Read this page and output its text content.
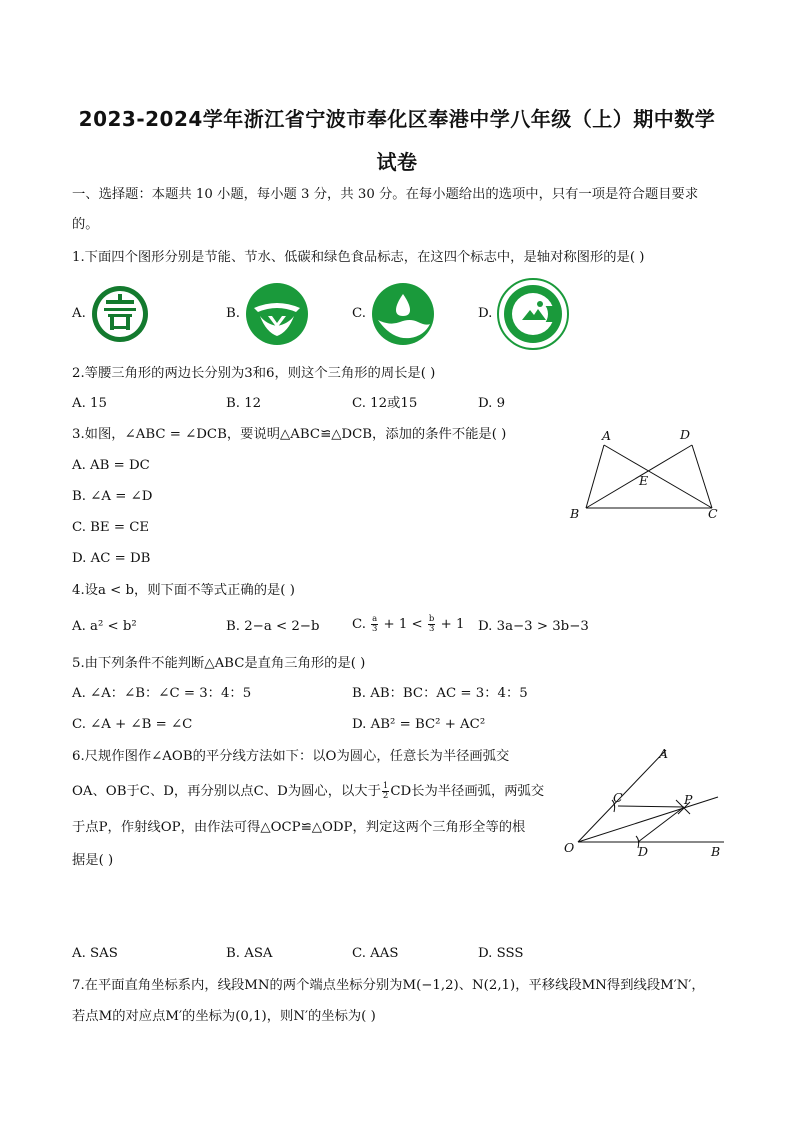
2023-2024学年浙江省宁波市奉化区奉港中学八年级（上）期中数学
试卷
一、选择题：本题共 10 小题，每小题 3 分，共 30 分。在每小题给出的选项中，只有一项是符合题目要求
的。
1.下面四个图形分别是节能、节水、低碳和绿色食品标志，在这四个标志中，是轴对称图形的是( )
A.	B.	C.	D.
2.等腰三角形的两边长分别为3和6，则这个三角形的周长是( )
A. 15	B. 12	C. 12或15	D. 9
3.如图，∠ABC = ∠DCB，要说明△ABC≌△DCB，添加的条件不能是( )
A. AB = DC
B. ∠A = ∠D
C. BE = CE
D. AC = DB
A	D
E
B	C
4.设a < b，则下面不等式正确的是( )
A. a² < b²	B. 2−a < 2−b C. $\frac{a}{3} + 1 < \frac{b}{3} + 1$ D. 3a−3 > 3b−3
5.由下列条件不能判断△ABC是直角三角形的是( )
A. ∠A：∠B：∠C = 3：4：5	B. AB：BC：AC = 3：4：5
C. ∠A + ∠B = ∠C	D. AB² = BC² + AC²
6.尺规作图作∠AOB的平分线方法如下：以O为圆心，任意长为半径画弧交
OA、OB于C、D，再分别以点C、D为圆心，以大于 $\frac{1}{2}$ CD长为半径画弧，两弧交
于点P，作射线OP，由作法可得△OCP≌△ODP，判定这两个三角形全等的根
据是( )
A
C	P
O	D	B
A. SAS	B. ASA	C. AAS	D. SSS
7.在平面直角坐标系内，线段MN的两个端点坐标分别为M(−1,2)、N(2,1)，平移线段MN得到线段M′N′，
若点M的对应点M′的坐标为(0,1)，则N′的坐标为( )
